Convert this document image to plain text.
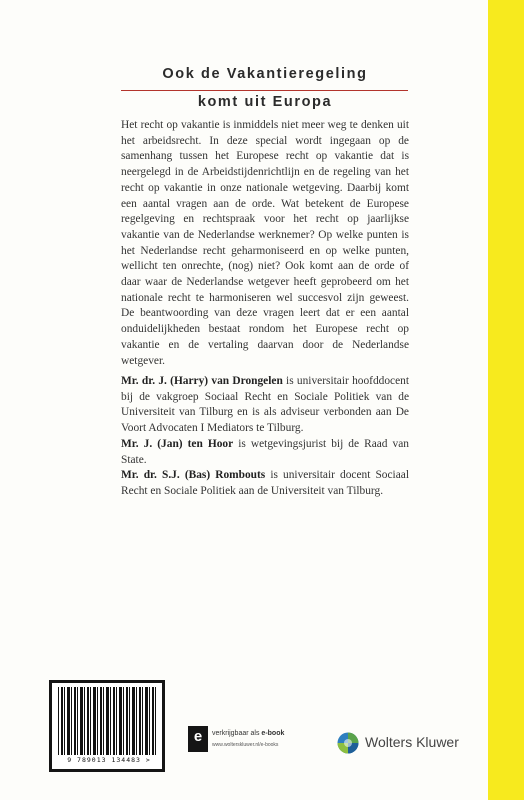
Ook de Vakantieregeling
komt uit Europa
Het recht op vakantie is inmiddels niet meer weg te denken uit het arbeidsrecht. In deze special wordt ingegaan op de samenhang tussen het Europese recht op vakantie dat is neergelegd in de Arbeidstijdenrichtlijn en de regeling van het recht op vakantie in onze nationale wetgeving. Daarbij komt een aantal vragen aan de orde. Wat betekent de Europese regelgeving en rechtspraak voor het recht op jaarlijkse vakantie van de Nederlandse werknemer? Op welke punten is het Nederlandse recht geharmoniseerd en op welke punten, wellicht ten onrechte, (nog) niet? Ook komt aan de orde of daar waar de Nederlandse wetgever heeft geprobeerd om het nationale recht te harmoniseren wel succesvol zijn geweest. De beantwoording van deze vragen leert dat er een aantal onduidelijkheden bestaat rondom het Europese recht op vakantie en de vertaling daarvan door de Nederlandse wetgever.

Mr. dr. J. (Harry) van Drongelen is universitair hoofddocent bij de vakgroep Sociaal Recht en Sociale Politiek van de Universiteit van Tilburg en is als adviseur verbonden aan De Voort Advocaten I Mediators te Tilburg.

Mr. J. (Jan) ten Hoor is wetgevingsjurist bij de Raad van State.

Mr. dr. S.J. (Bas) Rombouts is universitair docent Sociaal Recht en Sociale Politiek aan de Universiteit van Tilburg.

9 789013 134483 >
e	verkrijgbaar als e-book
www.wolterskluwer.nl/e-books	Wolters Kluwer
